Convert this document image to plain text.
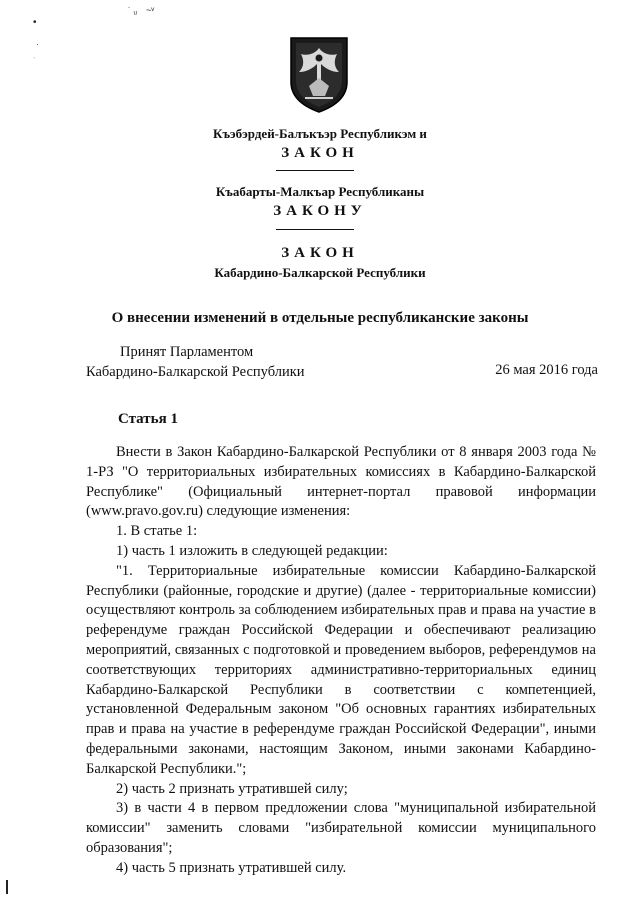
˙ ᵤ ~ᵛ
•
·
ˑ
Къэбэрдей-Балъкъэр Республикэм и
ЗАКОН
Къабарты-Малкъар Республиканы
ЗАКОНУ
ЗАКОН
Кабардино-Балкарской Республики
О внесении изменений в отдельные республиканские законы
Принят Парламентом
Кабардино-Балкарской Республики	26 мая 2016 года
Статья 1

Внести в Закон Кабардино-Балкарской Республики от 8 января 2003 года № 1-РЗ "О территориальных избирательных комиссиях в Кабардино-Балкарской Республике" (Официальный интернет-портал правовой информации (www.pravo.gov.ru) следующие изменения:

1. В статье 1:

1) часть 1 изложить в следующей редакции:

"1. Территориальные избирательные комиссии Кабардино-Балкарской Республики (районные, городские и другие) (далее - территориальные комиссии) осуществляют контроль за соблюдением избирательных прав и права на участие в референдуме граждан Российской Федерации и обеспечивают реализацию мероприятий, связанных с подготовкой и проведением выборов, референдумов на соответствующих территориях административно-территориальных единиц Кабардино-Балкарской Республики в соответствии с компетенцией, установленной Федеральным законом "Об основных гарантиях избирательных прав и права на участие в референдуме граждан Российской Федерации", иными федеральными законами, настоящим Законом, иными законами Кабардино-Балкарской Республики.";

2) часть 2 признать утратившей силу;

3) в части 4 в первом предложении слова "муниципальной избирательной комиссии" заменить словами "избирательной комиссии муниципального образования";

4) часть 5 признать утратившей силу.
